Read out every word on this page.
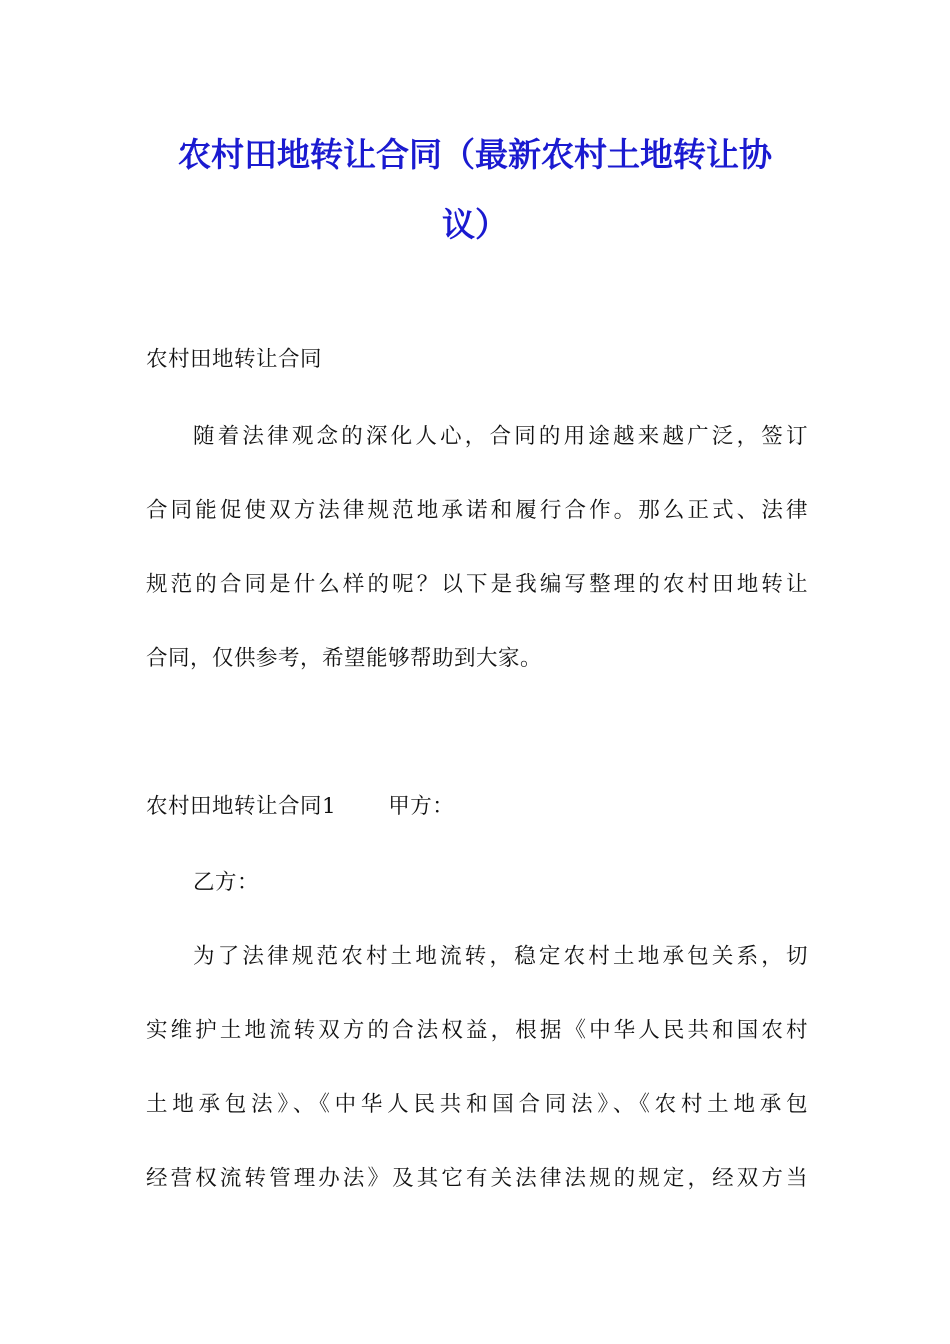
农村田地转让合同（最新农村土地转让协
议）
农村田地转让合同
随着法律观念的深化人心，合同的用途越来越广泛，签订
合同能促使双方法律规范地承诺和履行合作。那么正式、法律
规范的合同是什么样的呢？以下是我编写整理的农村田地转让
合同，仅供参考，希望能够帮助到大家。
农村田地转让合同1 甲方：
乙方：
为了法律规范农村土地流转，稳定农村土地承包关系，切
实维护土地流转双方的合法权益，根据《中华人民共和国农村
土地承包法》、《中华人民共和国合同法》、《农村土地承包
经营权流转管理办法》及其它有关法律法规的规定，经双方当
